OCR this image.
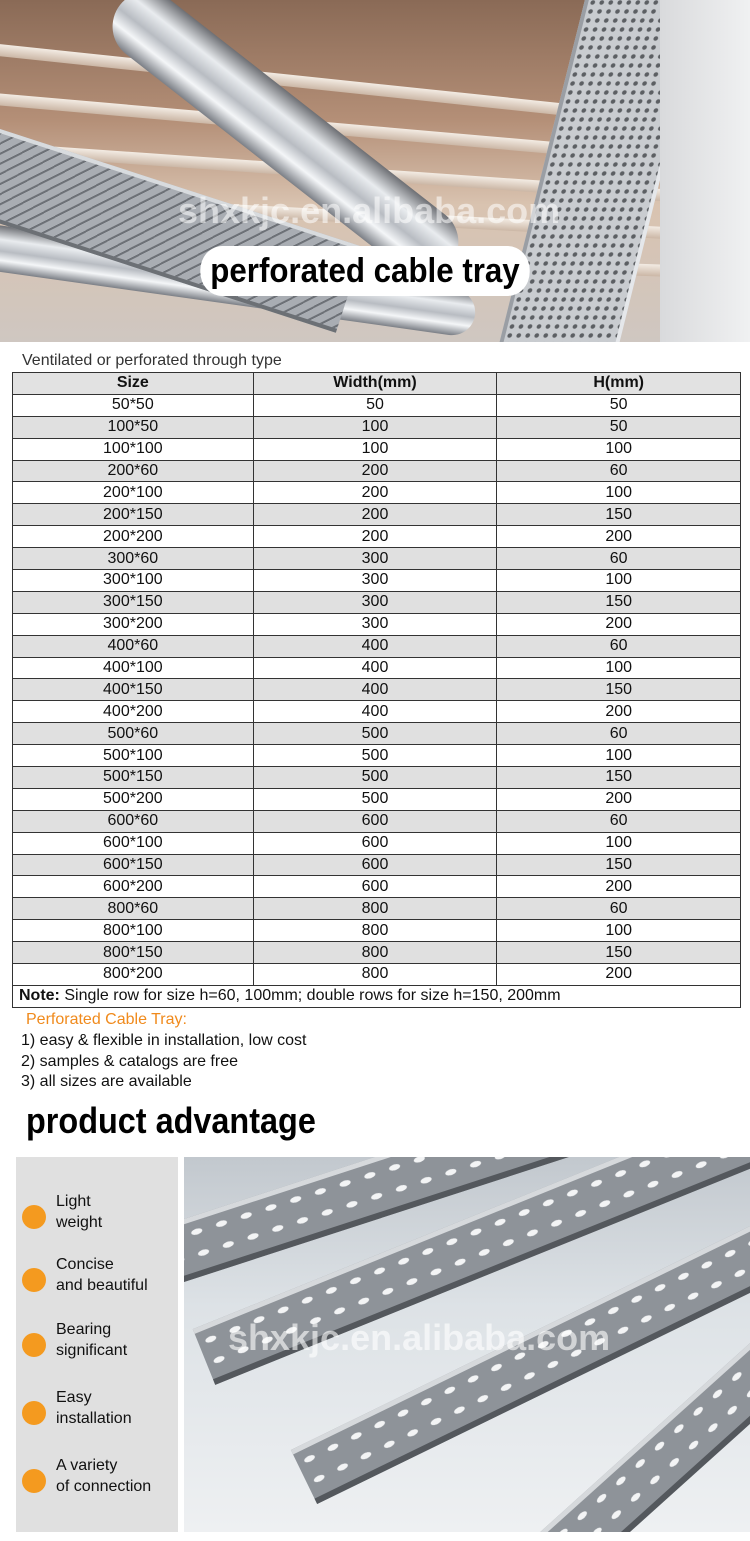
shxkjc.en.alibaba.com
perforated cable tray
Ventilated or perforated through type
Size	Width(mm)	H(mm)
50*50	50	50
100*50	100	50
100*100	100	100
200*60	200	60
200*100	200	100
200*150	200	150
200*200	200	200
300*60	300	60
300*100	300	100
300*150	300	150
300*200	300	200
400*60	400	60
400*100	400	100
400*150	400	150
400*200	400	200
500*60	500	60
500*100	500	100
500*150	500	150
500*200	500	200
600*60	600	60
600*100	600	100
600*150	600	150
600*200	600	200
800*60	800	60
800*100	800	100
800*150	800	150
800*200	800	200
Note: Single row for size h=60, 100mm; double rows for size h=150, 200mm		
Perforated Cable Tray:
1) easy & flexible in installation, low cost
2) samples & catalogs are free
3) all sizes are available
product advantage
Light
weight
Concise
and beautiful
Bearing
significant
Easy
installation
A variety
of connection
shxkjc.en.alibaba.com
